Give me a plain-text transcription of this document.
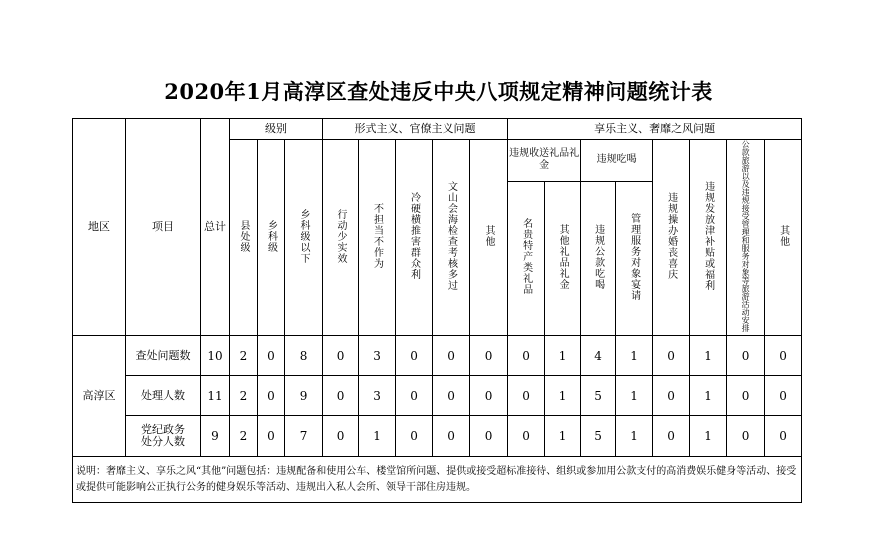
2020年1月高淳区查处违反中央八项规定精神问题统计表
地区	项目	总计	级别			形式主义、官僚主义问题					享乐主义、奢靡之风问题							
			县处级	乡科级	乡科级以下	行动少实效	不担当不作为	冷硬横推害群众利	文山会海检查考核多过	其他	违规收送礼品礼金		违规吃喝		违规操办婚丧喜庆	违规发放津补贴或福利	公款旅游以及违规接受管理和服务对象等旅游活动安排	其他
											名贵特产类礼品	其他礼品礼金	违规公款吃喝	管理服务对象宴请				
高淳区	查处问题数	10	2	0	8	0	3	0	0	0	0	1	4	1	0	1	0	0
	处理人数	11	2	0	9	0	3	0	0	0	0	1	5	1	0	1	0	0
	党纪政务处分人数	9	2	0	7	0	1	0	0	0	0	1	5	1	0	1	0	0
说明：奢靡主义、享乐之风“其他”问题包括：违规配备和使用公车、楼堂馆所问题、提供或接受超标准接待、组织或参加用公款支付的高消费娱乐健身等活动、接受或提供可能影响公正执行公务的健身娱乐等活动、违规出入私人会所、领导干部住房违规。																		
